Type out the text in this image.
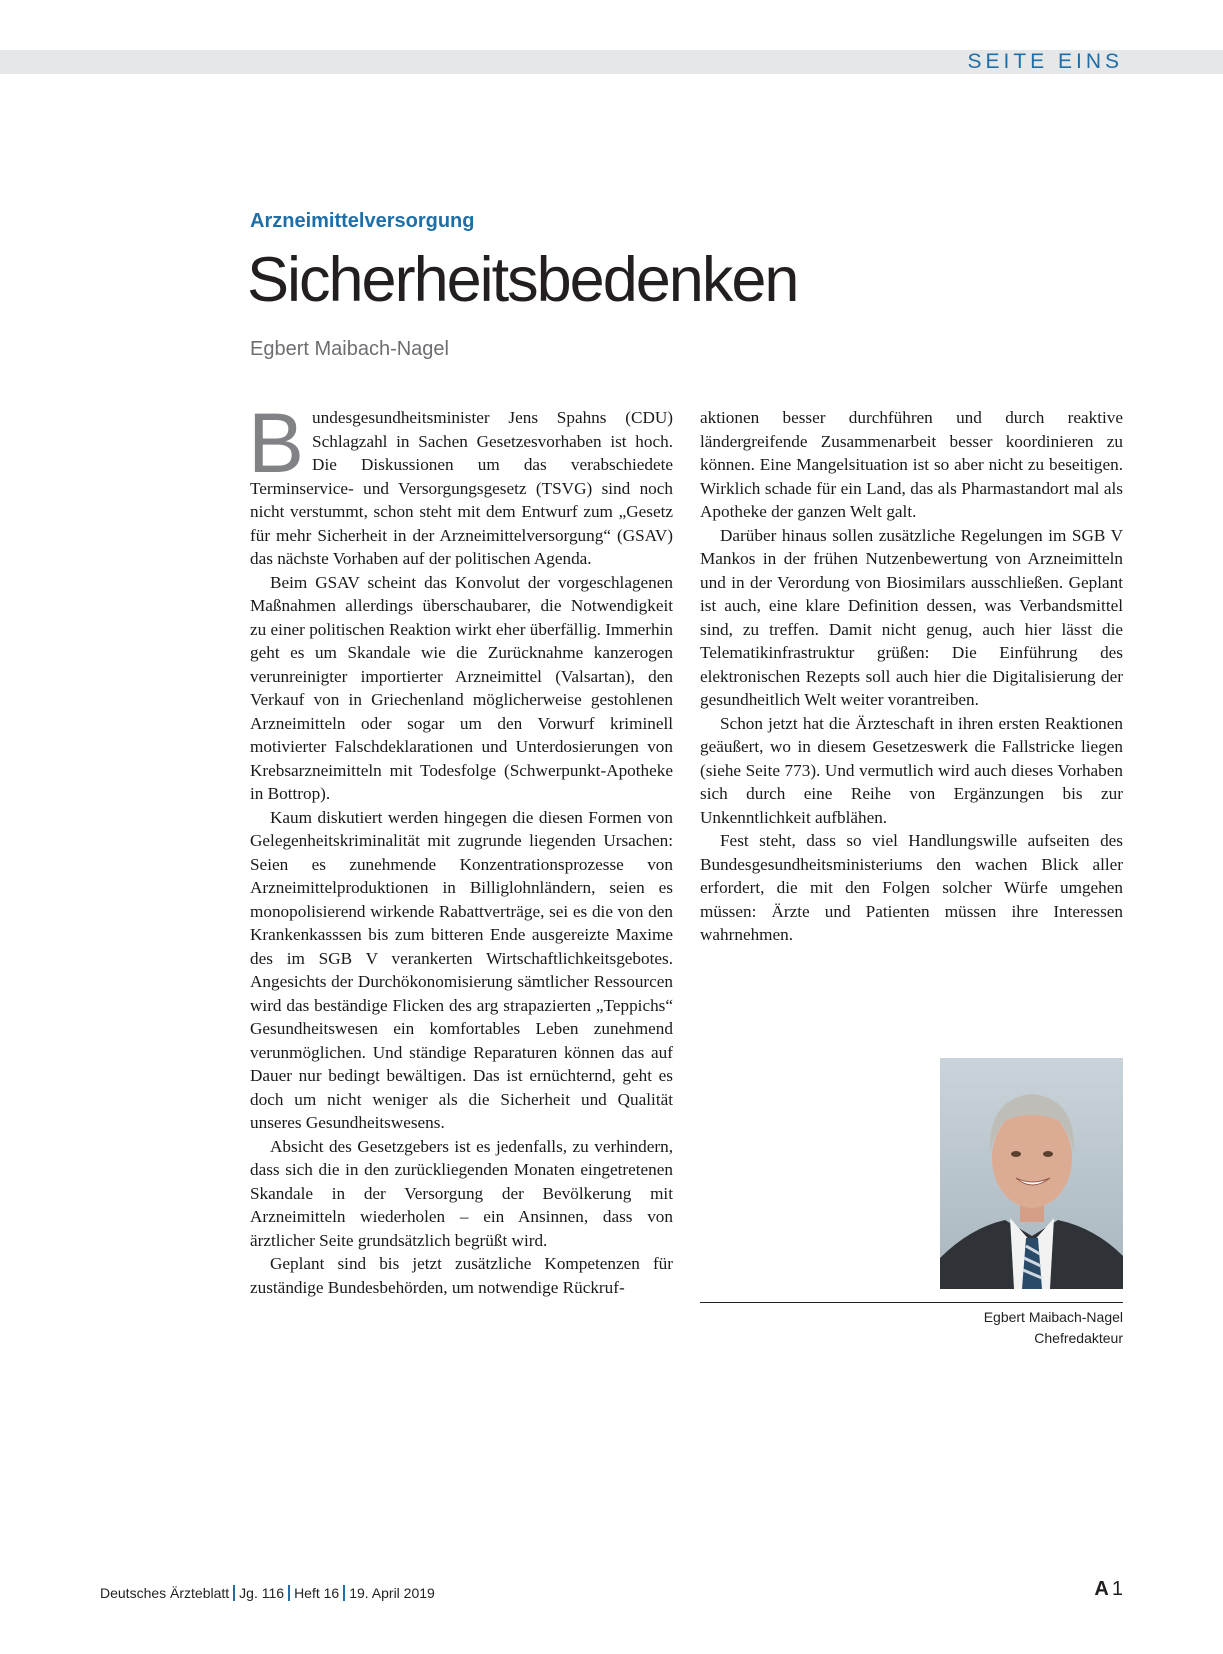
SEITE EINS
Arzneimittelversorgung
Sicherheitsbedenken
Egbert Maibach-Nagel

Bundesgesundheitsminister Jens Spahns (CDU) Schlagzahl in Sachen Gesetzesvorhaben ist hoch. Die Diskussionen um das verabschiedete Terminservice- und Versorgungsgesetz (TSVG) sind noch nicht verstummt, schon steht mit dem Entwurf zum „Gesetz für mehr Sicherheit in der Arzneimittelversorgung“ (GSAV) das nächste Vorhaben auf der politischen Agenda.

Beim GSAV scheint das Konvolut der vorgeschlagenen Maßnahmen allerdings überschaubarer, die Notwendigkeit zu einer politischen Reaktion wirkt eher überfällig. Immerhin geht es um Skandale wie die Zurücknahme kanzerogen verunreinigter importierter Arzneimittel (Valsartan), den Verkauf von in Griechenland möglicherweise gestohlenen Arzneimitteln oder sogar um den Vorwurf kriminell motivierter Falschdeklarationen und Unterdosierungen von Krebsarzneimitteln mit Todesfolge (Schwerpunkt-Apotheke in Bottrop).

Kaum diskutiert werden hingegen die diesen Formen von Gelegenheitskriminalität mit zugrunde liegenden Ursachen: Seien es zunehmende Konzentrationsprozesse von Arzneimittelproduktionen in Billiglohnländern, seien es monopolisierend wirkende Rabattverträge, sei es die von den Krankenkasssen bis zum bitteren Ende ausgereizte Maxime des im SGB V verankerten Wirtschaftlichkeitsgebotes. Angesichts der Durchökonomisierung sämtlicher Ressourcen wird das beständige Flicken des arg strapazierten „Teppichs“ Gesundheitswesen ein komfortables Leben zunehmend verunmöglichen. Und ständige Reparaturen können das auf Dauer nur bedingt bewältigen. Das ist ernüchternd, geht es doch um nicht weniger als die Sicherheit und Qualität unseres Gesundheitswesens.

Absicht des Gesetzgebers ist es jedenfalls, zu verhindern, dass sich die in den zurückliegenden Monaten eingetretenen Skandale in der Versorgung der Bevölkerung mit Arzneimitteln wiederholen – ein Ansinnen, dass von ärztlicher Seite grundsätzlich begrüßt wird.

Geplant sind bis jetzt zusätzliche Kompetenzen für zuständige Bundesbehörden, um notwendige Rückruf-

aktionen besser durchführen und durch reaktive ländergreifende Zusammenarbeit besser koordinieren zu können. Eine Mangelsituation ist so aber nicht zu beseitigen. Wirklich schade für ein Land, das als Pharmastandort mal als Apotheke der ganzen Welt galt.

Darüber hinaus sollen zusätzliche Regelungen im SGB V Mankos in der frühen Nutzenbewertung von Arzneimitteln und in der Verordung von Biosimilars ausschließen. Geplant ist auch, eine klare Definition dessen, was Verbandsmittel sind, zu treffen. Damit nicht genug, auch hier lässt die Telematikinfrastruktur grüßen: Die Einführung des elektronischen Rezepts soll auch hier die Digitalisierung der gesundheitlich Welt weiter vorantreiben.

Schon jetzt hat die Ärzteschaft in ihren ersten Reaktionen geäußert, wo in diesem Gesetzeswerk die Fallstricke liegen (siehe Seite 773). Und vermutlich wird auch dieses Vorhaben sich durch eine Reihe von Ergänzungen bis zur Unkenntlichkeit aufblähen.

Fest steht, dass so viel Handlungswille aufseiten des Bundesgesundheitsministeriums den wachen Blick aller erfordert, die mit den Folgen solcher Würfe umgehen müssen: Ärzte und Patienten müssen ihre Interessen wahrnehmen.

Egbert Maibach-Nagel
Chefredakteur
Deutsches Ärzteblatt Jg. 116 Heft 16 19. April 2019	A 1
